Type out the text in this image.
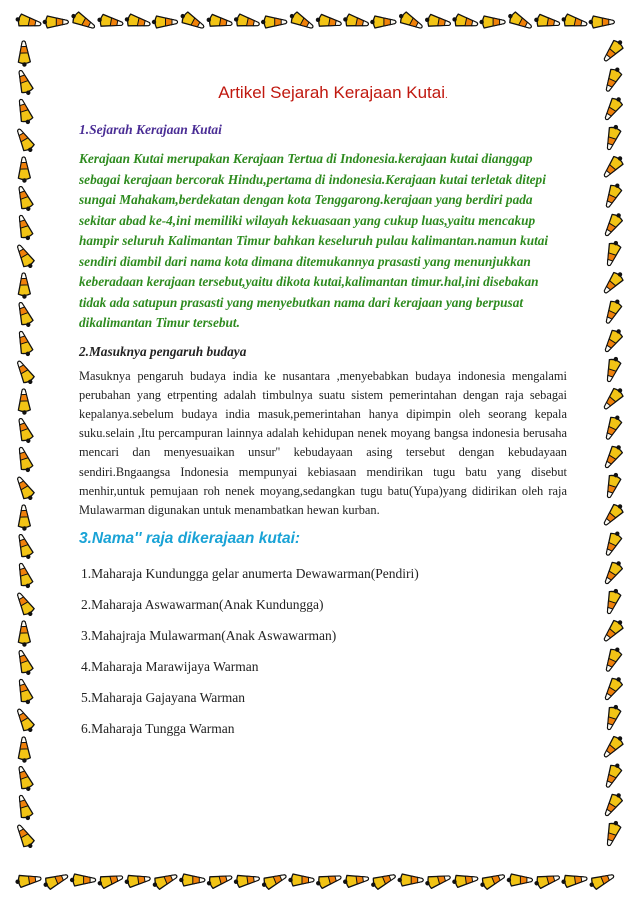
Artikel Sejarah Kerajaan Kutai.
1.Sejarah Kerajaan Kutai

Kerajaan Kutai merupakan Kerajaan Tertua di Indonesia.kerajaan kutai dianggap sebagai kerajaan bercorak Hindu,pertama di indonesia.Kerajaan kutai terletak ditepi sungai Mahakam,berdekatan dengan kota Tenggarong.kerajaan yang berdiri pada sekitar abad ke-4,ini memiliki wilayah kekuasaan yang cukup luas,yaitu mencakup hampir seluruh Kalimantan Timur bahkan keseluruh pulau kalimantan.namun kutai sendiri diambil dari nama kota dimana ditemukannya prasasti yang menunjukkan keberadaan kerajaan tersebut,yaitu dikota kutai,kalimantan timur.hal,ini disebakan tidak ada satupun prasasti yang menyebutkan nama dari kerajaan yang berpusat dikalimantan Timur tersebut.

2.Masuknya pengaruh budaya

Masuknya pengaruh budaya india ke nusantara ,menyebabkan budaya indonesia mengalami perubahan yang etrpenting adalah timbulnya suatu sistem pemerintahan dengan raja sebagai kepalanya.sebelum budaya india masuk,pemerintahan hanya dipimpin oleh seorang kepala suku.selain ,Itu percampuran lainnya adalah kehidupan nenek moyang bangsa indonesia berusaha mencari dan menyesuaikan unsur'' kebudayaan asing tersebut dengan kebudayaan sendiri.Bngaangsa Indonesia mempunyai kebiasaan mendirikan tugu batu yang disebut menhir,untuk pemujaan roh nenek moyang,sedangkan tugu batu(Yupa)yang didirikan oleh raja Mulawarman digunakan untuk menambatkan hewan kurban.

3.Nama'' raja dikerajaan kutai:
1.Maharaja Kundungga gelar anumerta Dewawarman(Pendiri)
2.Maharaja Aswawarman(Anak Kundungga)
3.Mahajraja Mulawarman(Anak Aswawarman)
4.Maharaja Marawijaya Warman
5.Maharaja Gajayana Warman
6.Maharaja Tungga Warman
